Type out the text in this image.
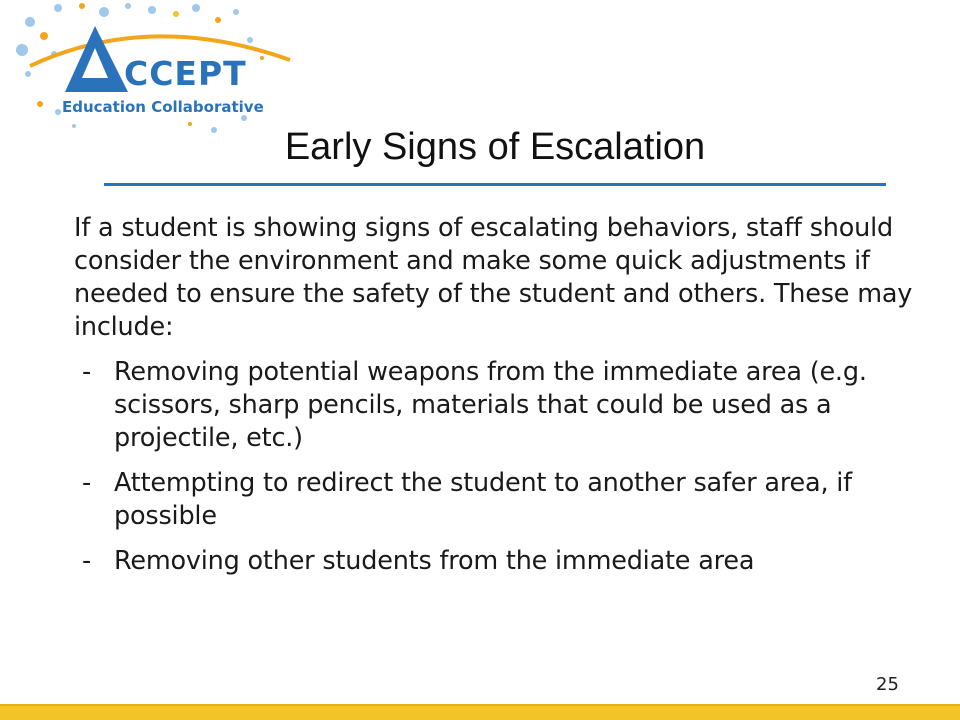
CCEPT
Education Collaborative
Early Signs of Escalation

If a student is showing signs of escalating behaviors, staff should consider the environment and make some quick adjustments if needed to ensure the safety of the student and others. These may include:

- Removing potential weapons from the immediate area (e.g. scissors, sharp pencils, materials that could be used as a projectile, etc.)
- Attempting to redirect the student to another safer area, if possible
- Removing other students from the immediate area
25
